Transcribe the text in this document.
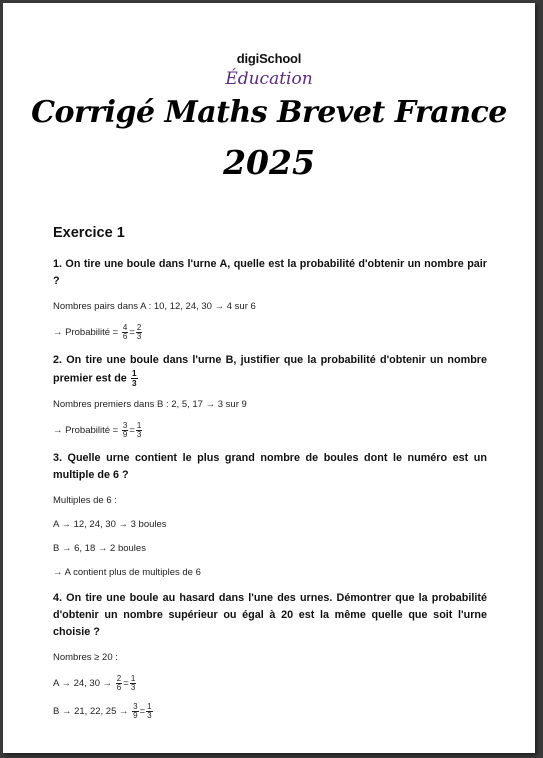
digiSchool
Éducation
Corrigé Maths Brevet France
2025
Exercice 1
1. On tire une boule dans l'urne A, quelle est la probabilité d'obtenir un nombre pair ?
Nombres pairs dans A : 10, 12, 24, 30 → 4 sur 6
→ Probabilité = $\frac{4}{6} = \frac{2}{3}$
2. On tire une boule dans l'urne B, justifier que la probabilité d'obtenir un nombre premier est de $\frac{1}{3}$
Nombres premiers dans B : 2, 5, 17 → 3 sur 9
→ Probabilité = $\frac{3}{9} = \frac{1}{3}$
3. Quelle urne contient le plus grand nombre de boules dont le numéro est un multiple de 6 ?
Multiples de 6 :
A → 12, 24, 30 → 3 boules
B → 6, 18 → 2 boules
→ A contient plus de multiples de 6
4. On tire une boule au hasard dans l'une des urnes. Démontrer que la probabilité d'obtenir un nombre supérieur ou égal à 20 est la même quelle que soit l'urne choisie ?
Nombres ≥ 20 :
A → 24, $30 \to \frac{2}{6} = \frac{1}{3}$
B → 21, 22, $25 \to \frac{3}{9} = \frac{1}{3}$
